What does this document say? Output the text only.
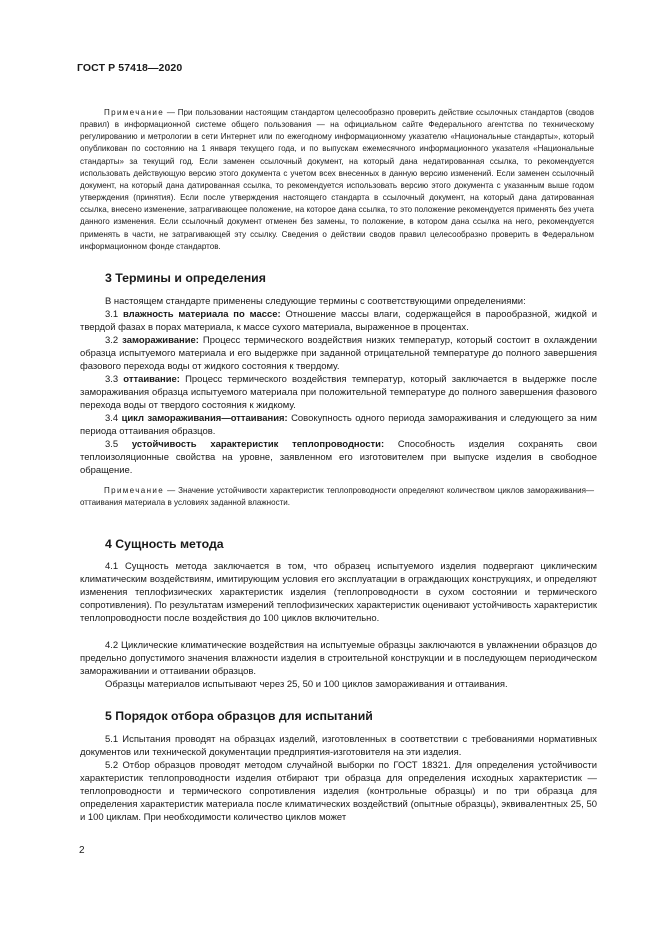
ГОСТ Р 57418—2020

Примечание — При пользовании настоящим стандартом целесообразно проверить действие ссылочных стандартов (сводов правил) в информационной системе общего пользования — на официальном сайте Федерального агентства по техническому регулированию и метрологии в сети Интернет или по ежегодному информационному указателю «Национальные стандарты», который опубликован по состоянию на 1 января текущего года, и по выпускам ежемесячного информационного указателя «Национальные стандарты» за текущий год. Если заменен ссылочный документ, на который дана недатированная ссылка, то рекомендуется использовать действующую версию этого документа с учетом всех внесенных в данную версию изменений. Если заменен ссылочный документ, на который дана датированная ссылка, то рекомендуется использовать версию этого документа с указанным выше годом утверждения (принятия). Если после утверждения настоящего стандарта в ссылочный документ, на который дана датированная ссылка, внесено изменение, затрагивающее положение, на которое дана ссылка, то это положение рекомендуется применять без учета данного изменения. Если ссылочный документ отменен без замены, то положение, в котором дана ссылка на него, рекомендуется применять в части, не затрагивающей эту ссылку. Сведения о действии сводов правил целесообразно проверить в Федеральном информационном фонде стандартов.

3 Термины и определения

В настоящем стандарте применены следующие термины с соответствующими определениями:

3.1 влажность материала по массе: Отношение массы влаги, содержащейся в парообразной, жидкой и твердой фазах в порах материала, к массе сухого материала, выраженное в процентах.

3.2 замораживание: Процесс термического воздействия низких температур, который состоит в охлаждении образца испытуемого материала и его выдержке при заданной отрицательной температуре до полного завершения фазового перехода воды от жидкого состояния к твердому.

3.3 оттаивание: Процесс термического воздействия температур, который заключается в выдержке после замораживания образца испытуемого материала при положительной температуре до полного завершения фазового перехода воды от твердого состояния к жидкому.

3.4 цикл замораживания—оттаивания: Совокупность одного периода замораживания и следующего за ним периода оттаивания образцов.

3.5 устойчивость характеристик теплопроводности: Способность изделия сохранять свои теплоизоляционные свойства на уровне, заявленном его изготовителем при выпуске изделия в свободное обращение.

Примечание — Значение устойчивости характеристик теплопроводности определяют количеством циклов замораживания—оттаивания материала в условиях заданной влажности.

4 Сущность метода

4.1 Сущность метода заключается в том, что образец испытуемого изделия подвергают циклическим климатическим воздействиям, имитирующим условия его эксплуатации в ограждающих конструкциях, и определяют изменения теплофизических характеристик изделия (теплопроводности в сухом состоянии и термического сопротивления). По результатам измерений теплофизических характеристик оценивают устойчивость характеристик теплопроводности после воздействия до 100 циклов включительно.

4.2 Циклические климатические воздействия на испытуемые образцы заключаются в увлажнении образцов до предельно допустимого значения влажности изделия в строительной конструкции и в последующем периодическом замораживании и оттаивании образцов.

Образцы материалов испытывают через 25, 50 и 100 циклов замораживания и оттаивания.

5 Порядок отбора образцов для испытаний

5.1 Испытания проводят на образцах изделий, изготовленных в соответствии с требованиями нормативных документов или технической документации предприятия-изготовителя на эти изделия.

5.2 Отбор образцов проводят методом случайной выборки по ГОСТ 18321. Для определения устойчивости характеристик теплопроводности изделия отбирают три образца для определения исходных характеристик — теплопроводности и термического сопротивления изделия (контрольные образцы) и по три образца для определения характеристик материала после климатических воздействий (опытные образцы), эквивалентных 25, 50 и 100 циклам. При необходимости количество циклов может

2
